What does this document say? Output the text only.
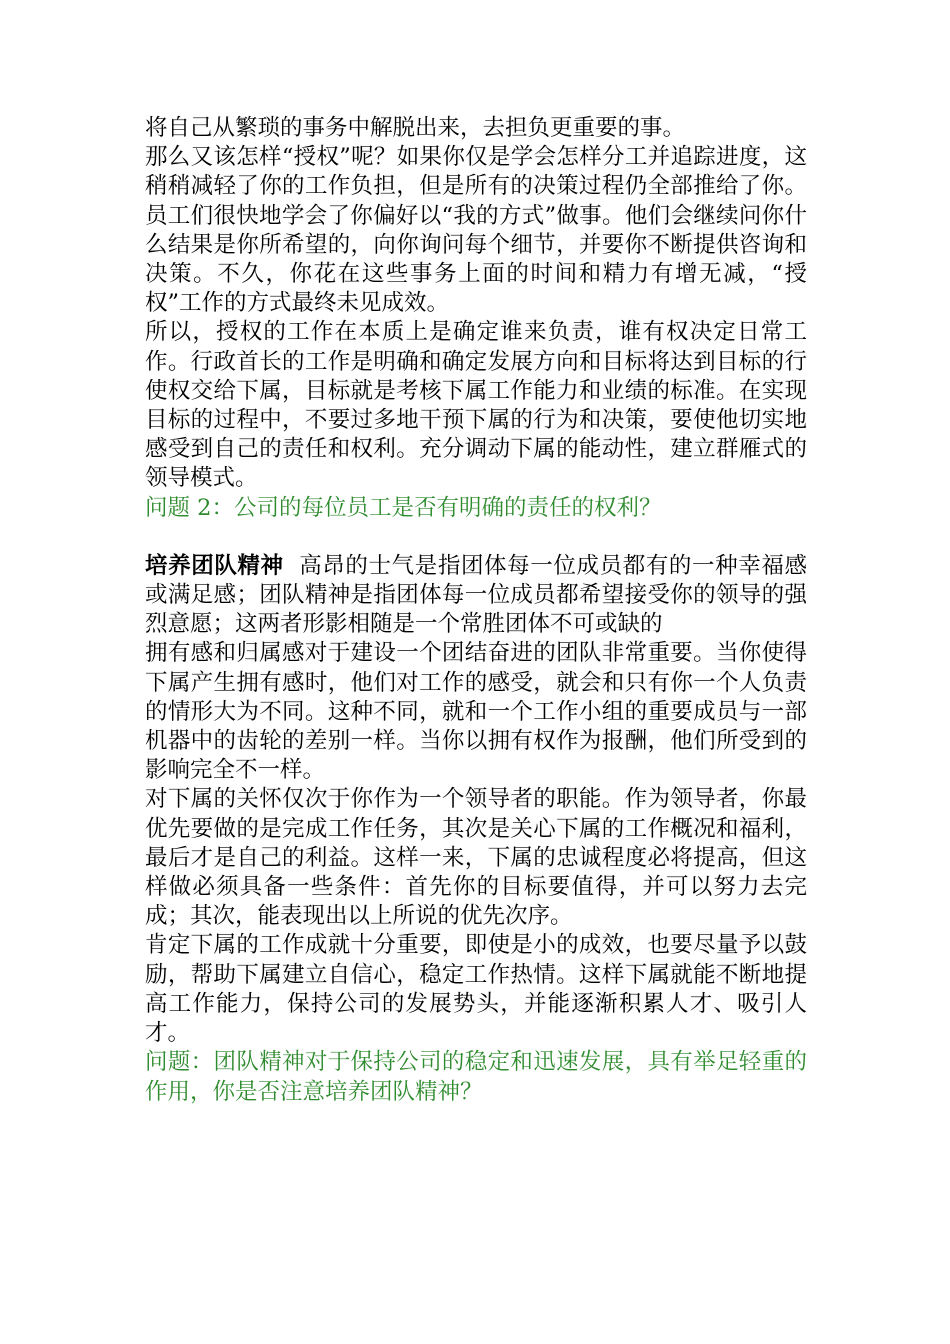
将自己从繁琐的事务中解脱出来，去担负更重要的事。

那么又该怎样“授权”呢？如果你仅是学会怎样分工并追踪进度，这稍稍减轻了你的工作负担，但是所有的决策过程仍全部推给了你。员工们很快地学会了你偏好以“我的方式”做事。他们会继续问你什么结果是你所希望的，向你询问每个细节，并要你不断提供咨询和决策。不久，你花在这些事务上面的时间和精力有增无减，“授权”工作的方式最终未见成效。

所以，授权的工作在本质上是确定谁来负责，谁有权决定日常工作。行政首长的工作是明确和确定发展方向和目标将达到目标的行使权交给下属，目标就是考核下属工作能力和业绩的标准。在实现目标的过程中，不要过多地干预下属的行为和决策，要使他切实地感受到自己的责任和权利。充分调动下属的能动性，建立群雁式的领导模式。

问题 2：公司的每位员工是否有明确的责任的权利？

培养团队精神 高昂的士气是指团体每一位成员都有的一种幸福感或满足感；团队精神是指团体每一位成员都希望接受你的领导的强烈意愿；这两者形影相随是一个常胜团体不可或缺的

拥有感和归属感对于建设一个团结奋进的团队非常重要。当你使得下属产生拥有感时，他们对工作的感受，就会和只有你一个人负责的情形大为不同。这种不同，就和一个工作小组的重要成员与一部机器中的齿轮的差别一样。当你以拥有权作为报酬，他们所受到的影响完全不一样。

对下属的关怀仅次于你作为一个领导者的职能。作为领导者，你最优先要做的是完成工作任务，其次是关心下属的工作概况和福利，最后才是自己的利益。这样一来，下属的忠诚程度必将提高，但这样做必须具备一些条件：首先你的目标要值得，并可以努力去完成；其次，能表现出以上所说的优先次序。

肯定下属的工作成就十分重要，即使是小的成效，也要尽量予以鼓励，帮助下属建立自信心，稳定工作热情。这样下属就能不断地提高工作能力，保持公司的发展势头，并能逐渐积累人才、吸引人才。

问题：团队精神对于保持公司的稳定和迅速发展，具有举足轻重的作用，你是否注意培养团队精神？
